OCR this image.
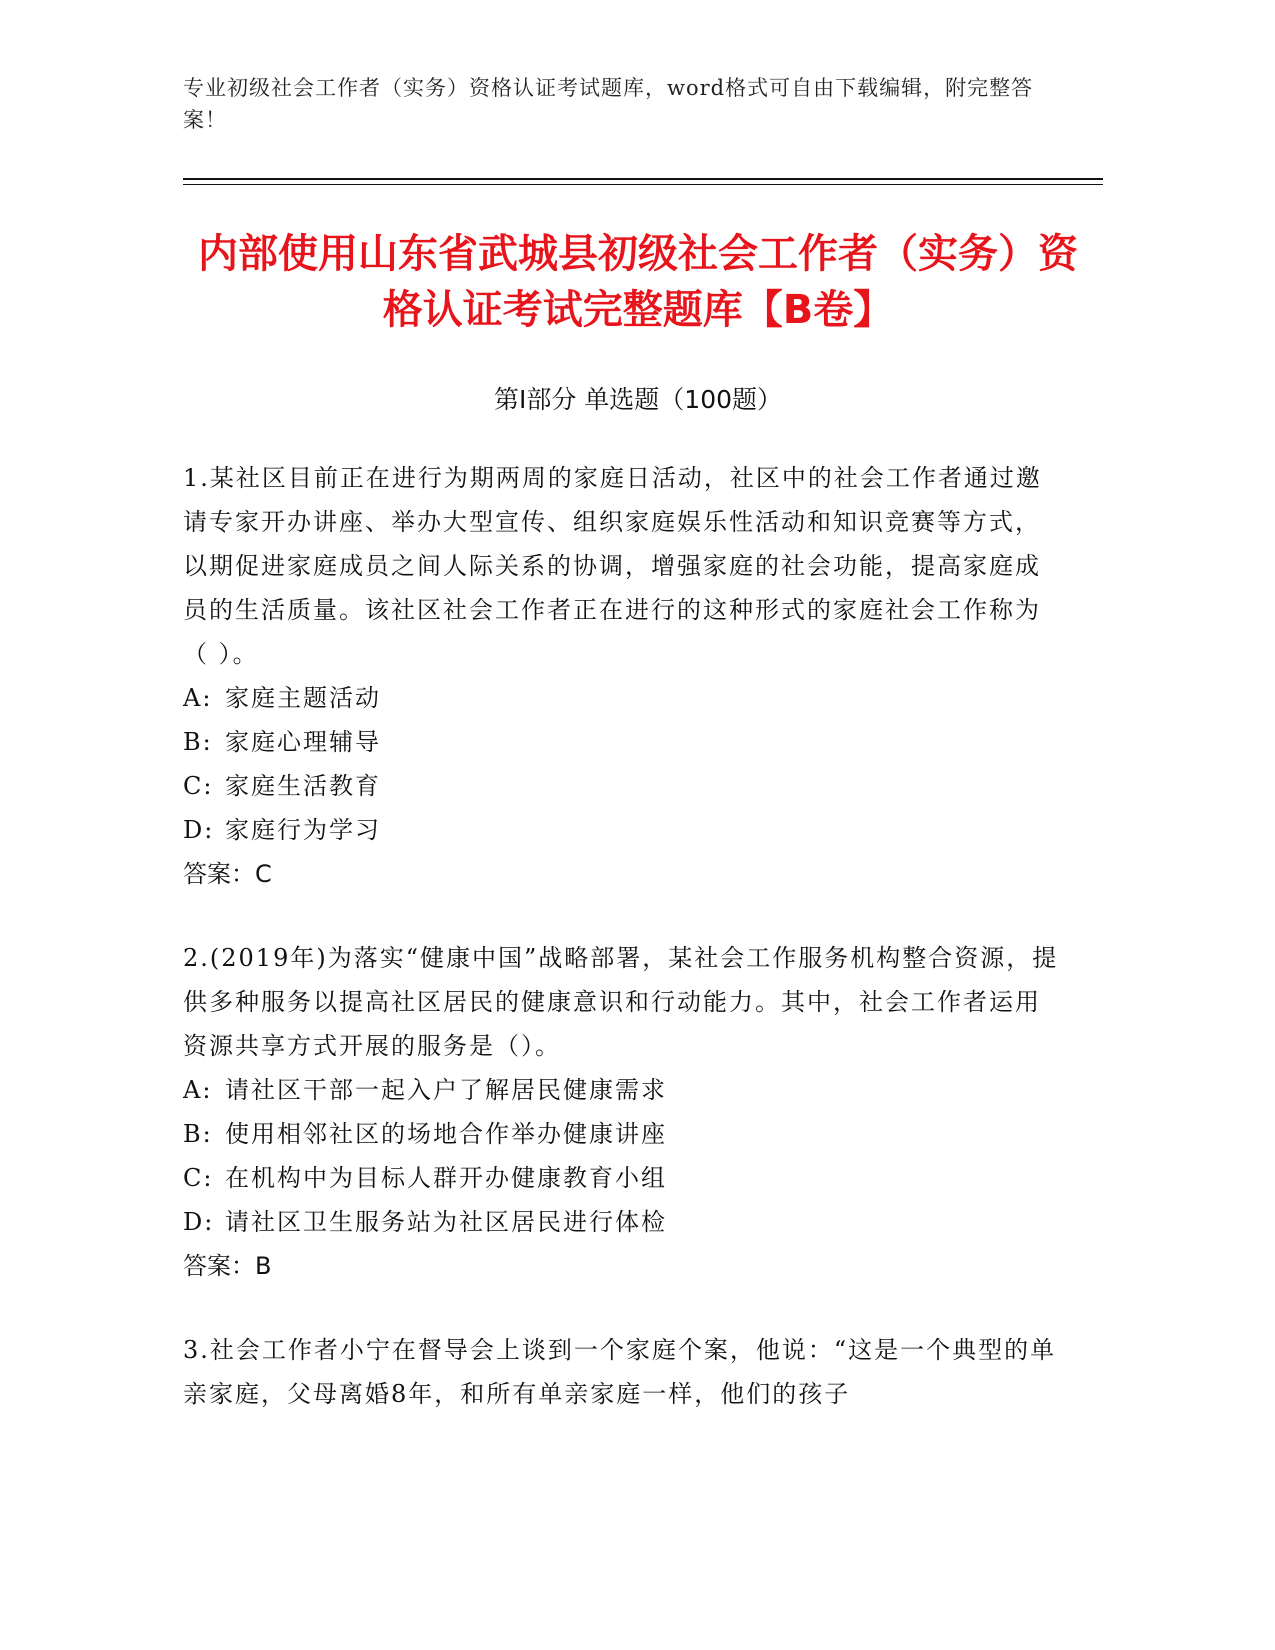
专业初级社会工作者（实务）资格认证考试题库，word格式可自由下载编辑，附完整答案！
内部使用山东省武城县初级社会工作者（实务）资格认证考试完整题库【B卷】
第Ⅰ部分 单选题（100题）

1.某社区目前正在进行为期两周的家庭日活动，社区中的社会工作者通过邀请专家开办讲座、举办大型宣传、组织家庭娱乐性活动和知识竞赛等方式，以期促进家庭成员之间人际关系的协调，增强家庭的社会功能，提高家庭成员的生活质量。该社区社会工作者正在进行的这种形式的家庭社会工作称为（ ）。

A: 家庭主题活动

B: 家庭心理辅导

C: 家庭生活教育

D: 家庭行为学习

答案：C

2.(2019年)为落实“健康中国”战略部署，某社会工作服务机构整合资源，提供多种服务以提高社区居民的健康意识和行动能力。其中，社会工作者运用资源共享方式开展的服务是（）。

A: 请社区干部一起入户了解居民健康需求

B: 使用相邻社区的场地合作举办健康讲座

C: 在机构中为目标人群开办健康教育小组

D: 请社区卫生服务站为社区居民进行体检

答案：B

3.社会工作者小宁在督导会上谈到一个家庭个案，他说：“这是一个典型的单亲家庭，父母离婚8年，和所有单亲家庭一样，他们的孩子
